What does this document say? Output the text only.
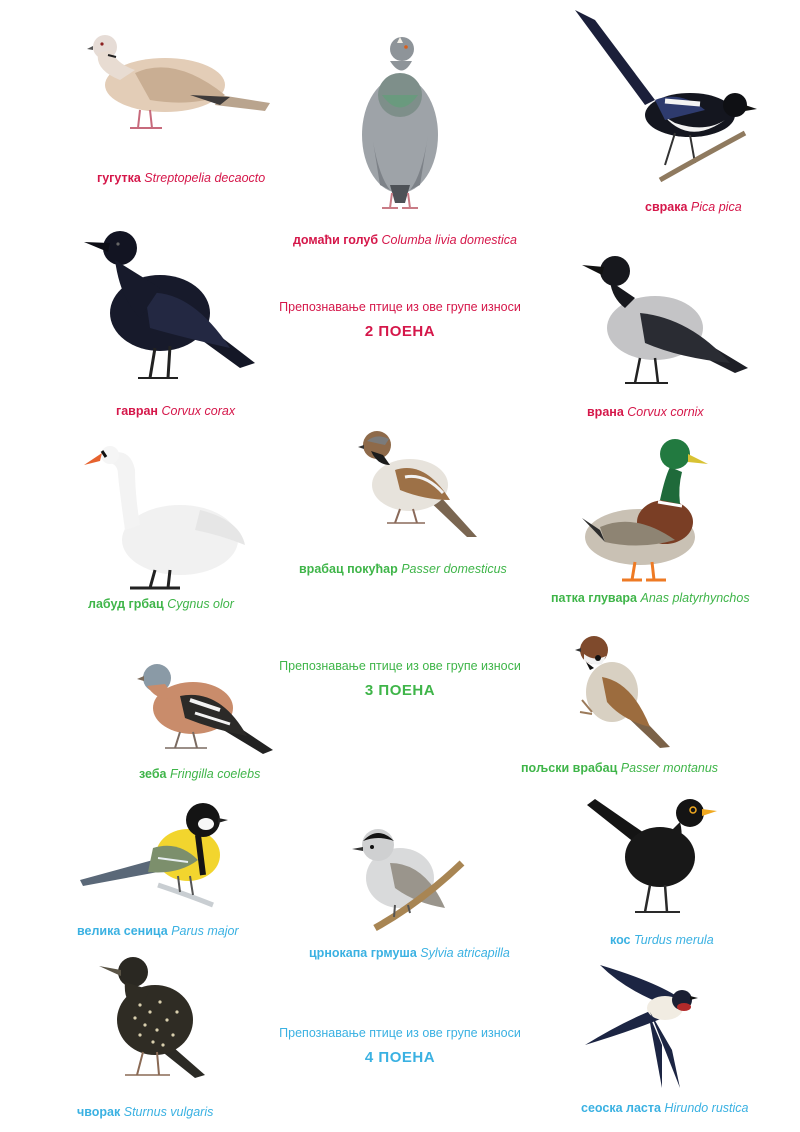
гугутка Streptopelia decaocto
домаћи голуб Columba livia domestica
сврака Pica pica
гавран Corvux corax
Препознавање птице из ове групе износи
2 ПОЕНА
врана Corvux cornix
лабуд грбац Cygnus olor
врабац покућар Passer domesticus
патка глувара Anas platyrhynchos
Препознавање птице из ове групе износи
3 ПОЕНА
зеба Fringilla coelebs	пољски врабац Passer montanus
велика сеница Parus major
црнокапа грмуша Sylvia atricapilla
кос Turdus merula
чворак Sturnus vulgaris
Препознавање птице из ове групе износи
4 ПОЕНА
сеоска ласта Hirundo rustica
